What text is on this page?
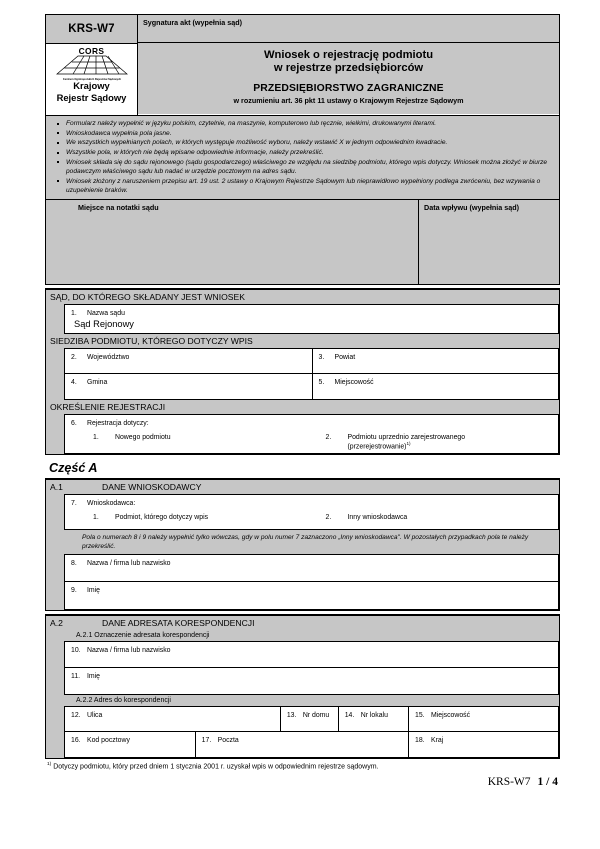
KRS-W7
CORS
Centrum Ogólnopolskich Rejestrów Sądowych
Krajowy
Rejestr Sądowy
Sygnatura akt (wypełnia sąd)
Wniosek o rejestrację podmiotu
w rejestrze przedsiębiorców
PRZEDSIĘBIORSTWO ZAGRANICZNE
w rozumieniu art. 36 pkt 11 ustawy o Krajowym Rejestrze Sądowym
Formularz należy wypełnić w języku polskim, czytelnie, na maszynie, komputerowo lub ręcznie, wielkimi, drukowanymi literami.
Wnioskodawca wypełnia pola jasne.
We wszystkich wypełnianych polach, w których występuje możliwość wyboru, należy wstawić X w jednym odpowiednim kwadracie.
Wszystkie pola, w których nie będą wpisane odpowiednie informacje, należy przekreślić.
Wniosek składa się do sądu rejonowego (sądu gospodarczego) właściwego ze względu na siedzibę podmiotu, którego wpis dotyczy. Wniosek można złożyć w biurze podawczym właściwego sądu lub nadać w urzędzie pocztowym na adres sądu.
Wniosek złożony z naruszeniem przepisu art. 19 ust. 2 ustawy o Krajowym Rejestrze Sądowym lub nieprawidłowo wypełniony podlega zwróceniu, bez wzywania o uzupełnienie braków.
Miejsce na notatki sądu	Data wpływu (wypełnia sąd)
SĄD, DO KTÓREGO SKŁADANY JEST WNIOSEK
1. Nazwa sądu
Sąd Rejonowy
SIEDZIBA PODMIOTU, KTÓREGO DOTYCZY WPIS
2. Województwo	3. Powiat
4. Gmina	5. Miejscowość
OKREŚLENIE REJESTRACJI
6. Rejestracja dotyczy:
1.	Nowego podmiotu	2.	Podmiotu uprzednio zarejestrowanego
(przerejestrowanie)$^{1)}$
Część A
A.1	DANE WNIOSKODAWCY
7. Wnioskodawca:
1.	Podmiot, którego dotyczy wpis	2.	Inny wnioskodawca
Pola o numerach 8 i 9 należy wypełnić tylko wówczas, gdy w polu numer 7 zaznaczono „Inny wnioskodawca". W pozostałych przypadkach pola te należy przekreślić.
8. Nazwa / firma lub nazwisko
9. Imię
A.2	DANE ADRESATA KORESPONDENCJI
A.2.1 Oznaczenie adresata korespondencji
10. Nazwa / firma lub nazwisko
11. Imię
A.2.2 Adres do korespondencji
12. Ulica	13. Nr domu	14. Nr lokalu	15. Miejscowość
16. Kod pocztowy	17. Poczta	18. Kraj
$^{1)}$ Dotyczy podmiotu, który przed dniem 1 stycznia 2001 r. uzyskał wpis w odpowiednim rejestrze sądowym.
KRS-W7 1 / 4
